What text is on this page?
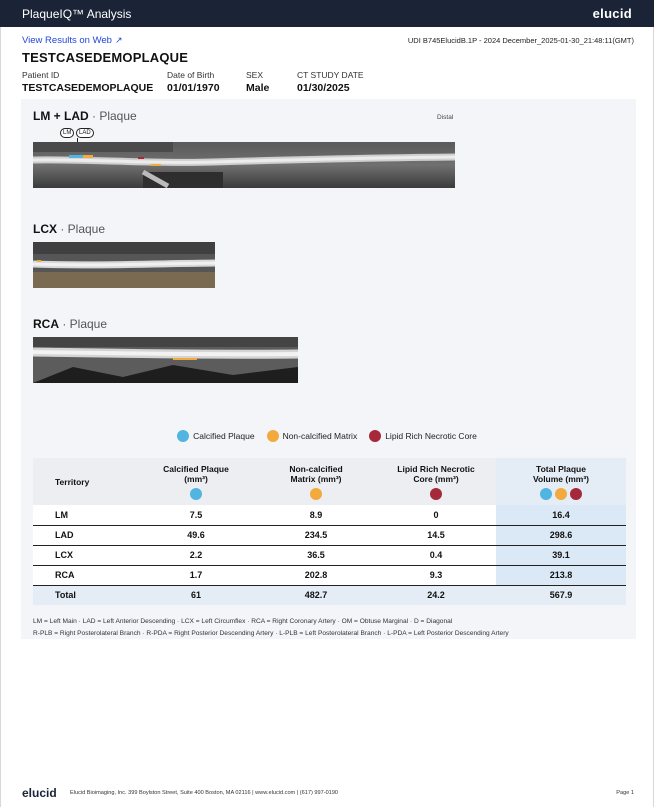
PlaqueIQ™ Analysis	elucid
View Results on Web ↗	UDI B745ElucidB.1P - 2024 December_2025-01-30_21:48:11(GMT)
TESTCASEDEMOPLAQUE
Patient ID
TESTCASEDEMOPLAQUE
Date of Birth
01/01/1970
SEX
Male
CT STUDY DATE
01/30/2025
LM + LAD · Plaque	Distal
LM	LAD
LCX · Plaque
RCA · Plaque
Calcified Plaque	Non-calcified Matrix	Lipid Rich Necrotic Core
Territory	Calcified Plaque (mm³)	Non-calcified Matrix (mm³)	Lipid Rich Necrotic Core (mm³)	Total Plaque Volume (mm³)

LM	7.5	8.9	0	16.4
LAD	49.6	234.5	14.5	298.6
LCX	2.2	36.5	0.4	39.1
RCA	1.7	202.8	9.3	213.8
Total	61	482.7	24.2	567.9
LM = Left Main · LAD = Left Anterior Descending · LCX = Left Circumflex · RCA = Right Coronary Artery · OM = Obtuse Marginal · D = Diagonal
R-PLB = Right Posterolateral Branch · R-PDA = Right Posterior Descending Artery · L-PLB = Left Posterolateral Branch · L-PDA = Left Posterior Descending Artery
elucid Elucid Bioimaging, Inc. 399 Boylston Street, Suite 400 Boston, MA 02116 | www.elucid.com | (617) 997-0190	Page 1
